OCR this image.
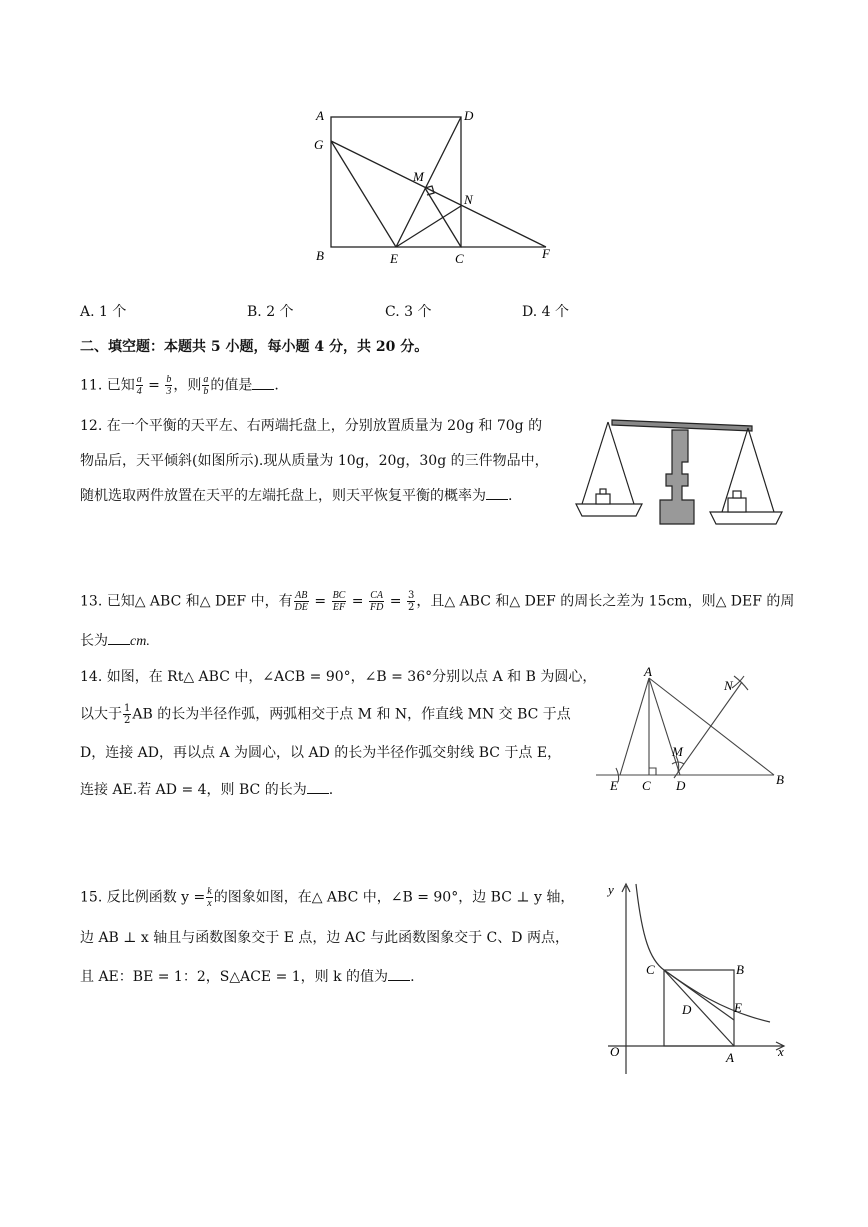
A	D
G
M
N
B	E	C	F
A. 1 个	B. 2 个	C. 3 个	D. 4 个
二、填空题：本题共 5 小题，每小题 4 分，共 20 分。
11. 已知 $\frac{a}{4} = \frac{b}{3}$ ，则 $\frac{a}{b}$ 的值是 .
12. 在一个平衡的天平左、右两端托盘上，分别放置质量为 20g 和 70g 的
物品后，天平倾斜(如图所示).现从质量为 10g，20g，30g 的三件物品中，
随机选取两件放置在天平的左端托盘上，则天平恢复平衡的概率为 .
13. 已知△ ABC 和△ DEF 中，有 $\frac{AB}{DE} = \frac{BC}{EF} = \frac{CA}{FD} = \frac{3}{2}$ ，且△ ABC 和△ DEF 的周长之差为 15cm，则△ DEF 的周
长为 cm.
14. 如图，在 Rt△ ABC 中，∠ACB = 90°，∠B = 36°分别以点 A 和 B 为圆心，
以大于 $\frac{1}{2}$ AB 的长为半径作弧，两弧相交于点 M 和 N，作直线 MN 交 BC 于点
D，连接 AD，再以点 A 为圆心，以 AD 的长为半径作弧交射线 BC 于点 E，
连接 AE.若 AD = 4，则 BC 的长为 .
A
N
M
E C D	B
15. 反比例函数 $y = \frac{k}{x}$ 的图象如图，在△ ABC 中，∠B = 90°，边 BC ⊥ y 轴，
边 AB ⊥ x 轴且与函数图象交于 E 点，边 AC 与此函数图象交于 C、D 两点，
且 AE：BE = 1：2，S△ACE = 1，则 k 的值为 .
y
x
O
C	B
D	E
A
